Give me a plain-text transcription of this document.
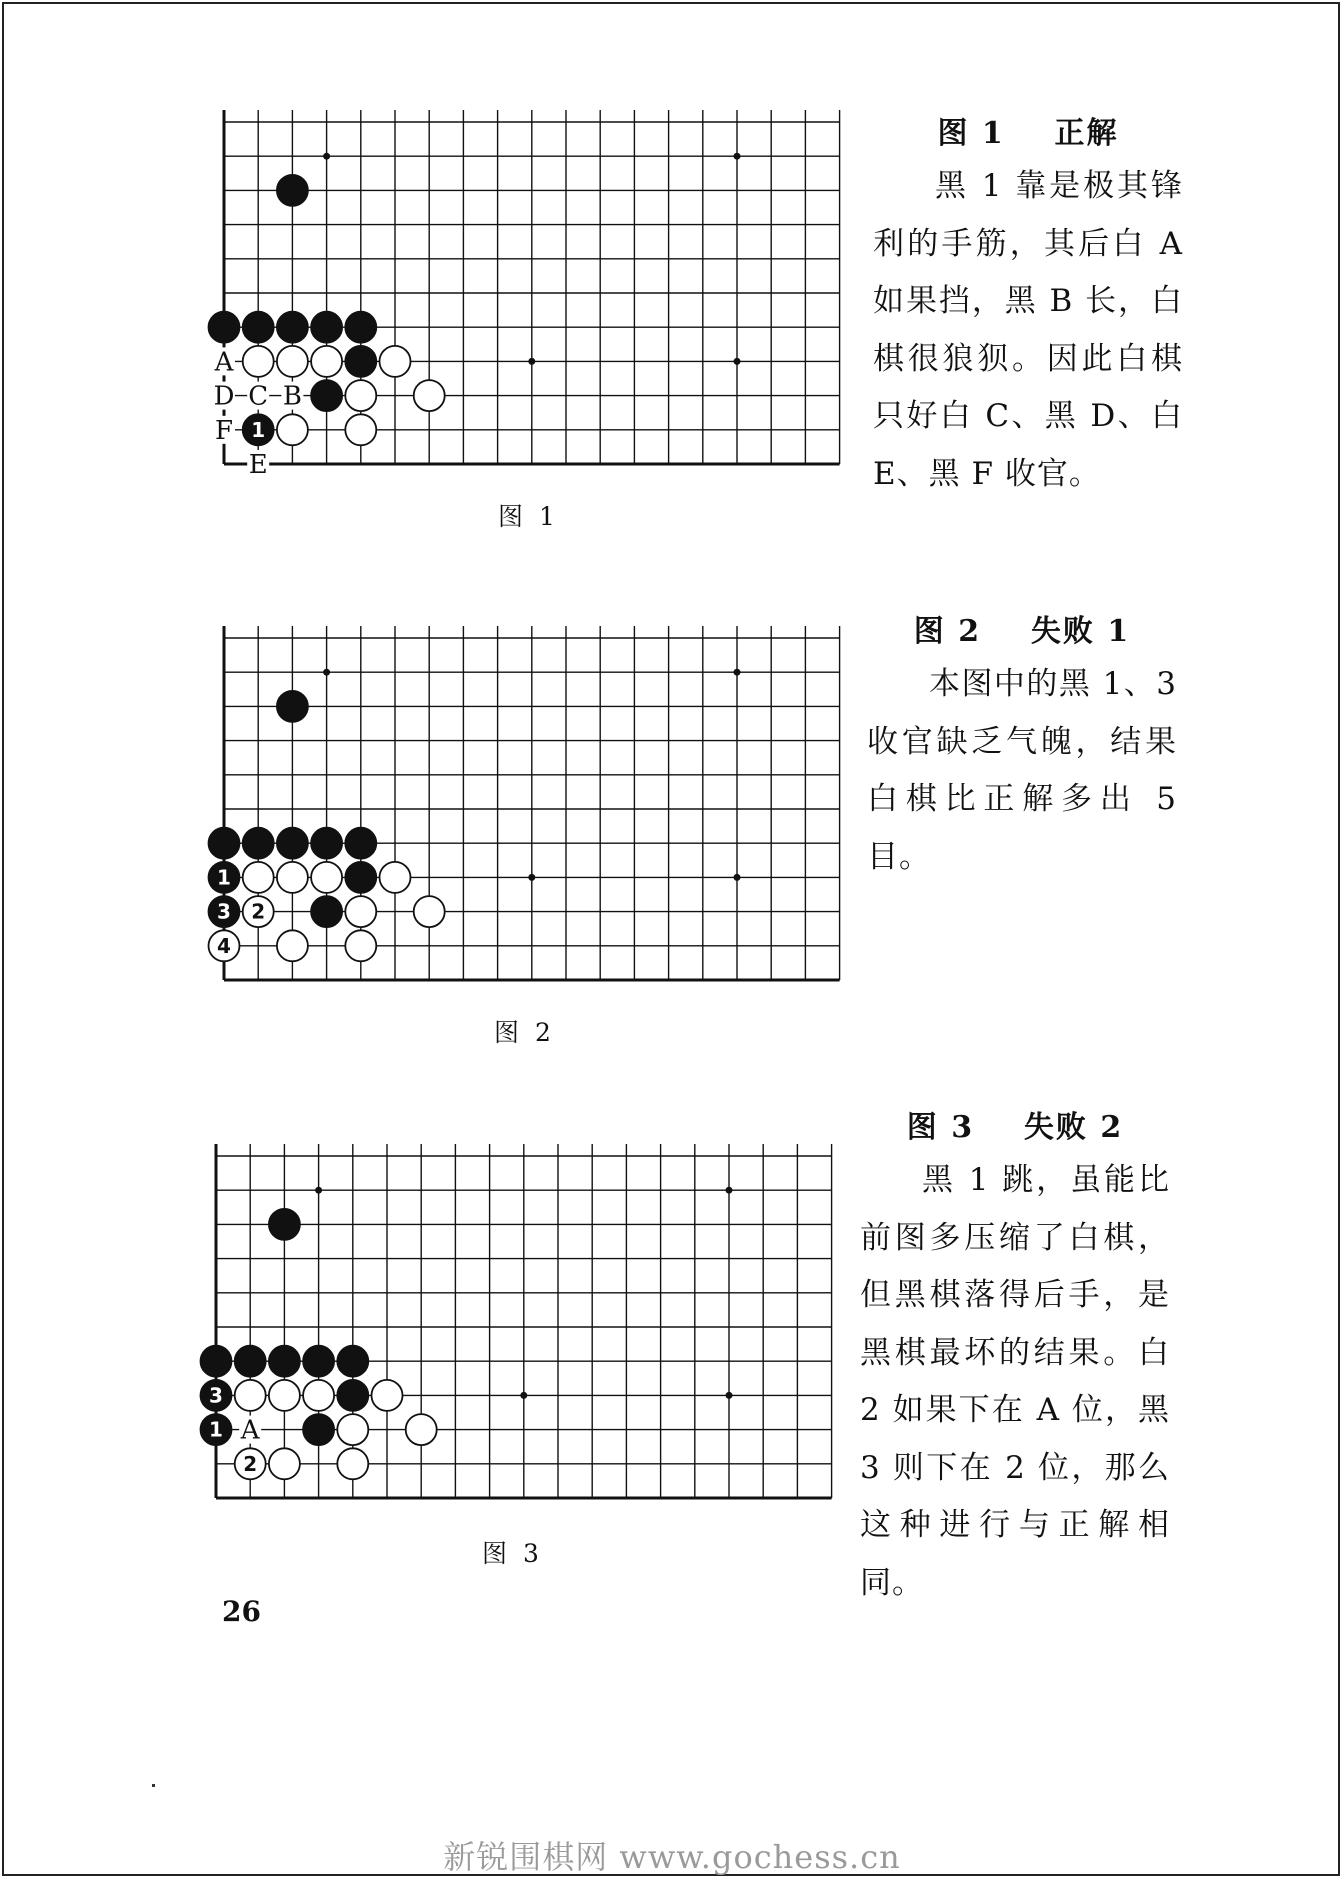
A
D C B
F
E
1
图 1
图 1    正解
黑 1 靠是极其锋利的手筋，其后白 A 如果挡，黑 B 长，白棋很狼狈。因此白棋只好白 C、黑 D、白 E、黑 F 收官。
1
3 2
4
图 2
图 2    失败 1
本图中的黑 1、3 收官缺乏气魄，结果白棋比正解多出 5 目。
A
3
1
2
图 3
图 3    失败 2
黑 1 跳，虽能比前图多压缩了白棋，但黑棋落得后手，是黑棋最坏的结果。白 2 如果下在 A 位，黑 3 则下在 2 位，那么这种进行与正解相同。
26
新锐围棋网 www.gochess.cn
